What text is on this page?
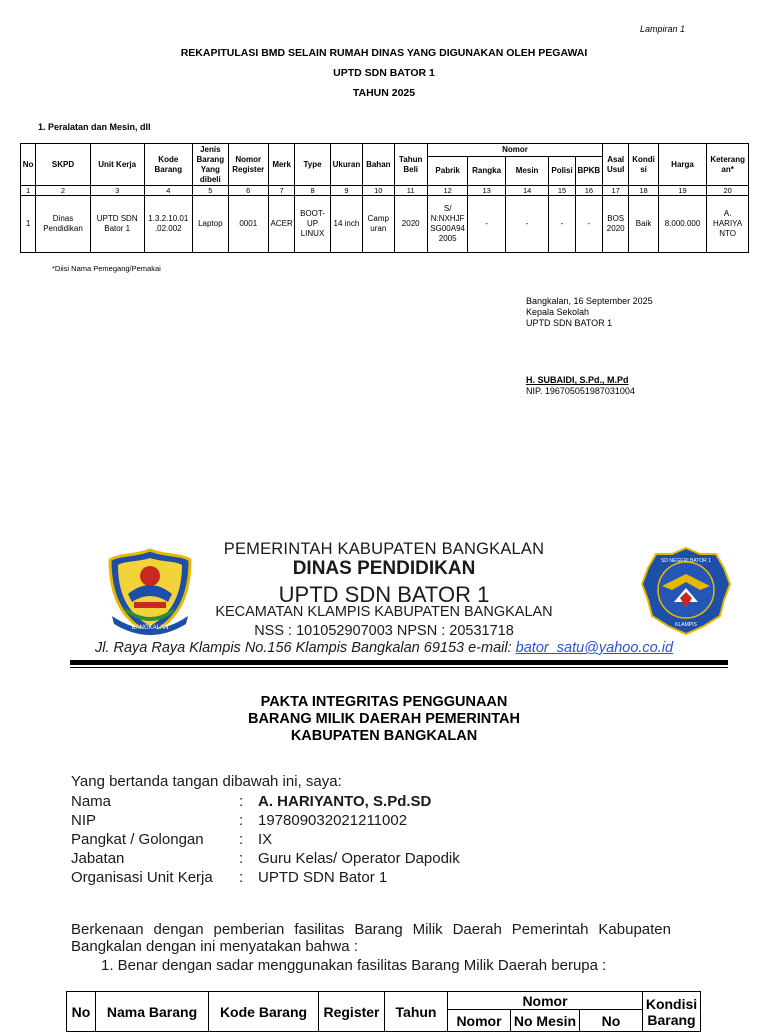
Lampiran 1
REKAPITULASI BMD SELAIN RUMAH DINAS YANG DIGUNAKAN OLEH PEGAWAI
UPTD SDN BATOR 1
TAHUN 2025
1. Peralatan dan Mesin, dll
No	SKPD	Unit Kerja	Kode Barang	Jenis Barang Yang dibeli	Nomor Register	Merk	Type	Ukuran	Bahan	Tahun Beli	Nomor					Asal Usul	Kondi si	Harga	Keterang an*
											Pabrik	Rangka	Mesin	Polisi	BPKB				
1	2	3	4	5	6	7	8	9	10	11	12	13	14	15	16	17	18	19	20
1	Dinas Pendidikan	UPTD SDN Bator 1	1.3.2.10.01 .02.002	Laptop	0001	ACER	BOOT-UP LINUX	14 inch	Camp uran	2020	S/ N:NXHJF SG00A94 2005	-	-	-	-	BOS 2020	Baik	8.000.000	A. HARIYA NTO
*Diisi Nama Pemegang/Pemakai
Bangkalan, 16 September 2025
Kepala Sekolah
UPTD SDN BATOR 1
H. SUBAIDI, S.Pd., M.Pd
NIP. 196705051987031004
BANGKALAN
SD NEGERI BATOR 1
KLAMPIS
PEMERINTAH KABUPATEN BANGKALAN
DINAS PENDIDIKAN
UPTD SDN BATOR 1
KECAMATAN KLAMPIS KABUPATEN BANGKALAN
NSS : 101052907003 NPSN : 20531718
Jl. Raya Raya Klampis No.156 Klampis Bangkalan 69153 e-mail: bator_satu@yahoo.co.id
PAKTA INTEGRITAS PENGGUNAAN
BARANG MILIK DAERAH PEMERINTAH
KABUPATEN BANGKALAN
Yang bertanda tangan dibawah ini, saya:
Nama	: A. HARIYANTO, S.Pd.SD
NIP	: 197809032021211002
Pangkat / Golongan : IX
Jabatan	: Guru Kelas/ Operator Dapodik
Organisasi Unit Kerja : UPTD SDN Bator 1
Berkenaan dengan pemberian fasilitas Barang Milik Daerah Pemerintah Kabupaten
Bangkalan dengan ini menyatakan bahwa :
1. Benar dengan sadar menggunakan fasilitas Barang Milik Daerah berupa :
No	Nama Barang	Kode Barang	Register	Tahun	Nomor			Kondisi Barang
					Nomor	No Mesin	No	
